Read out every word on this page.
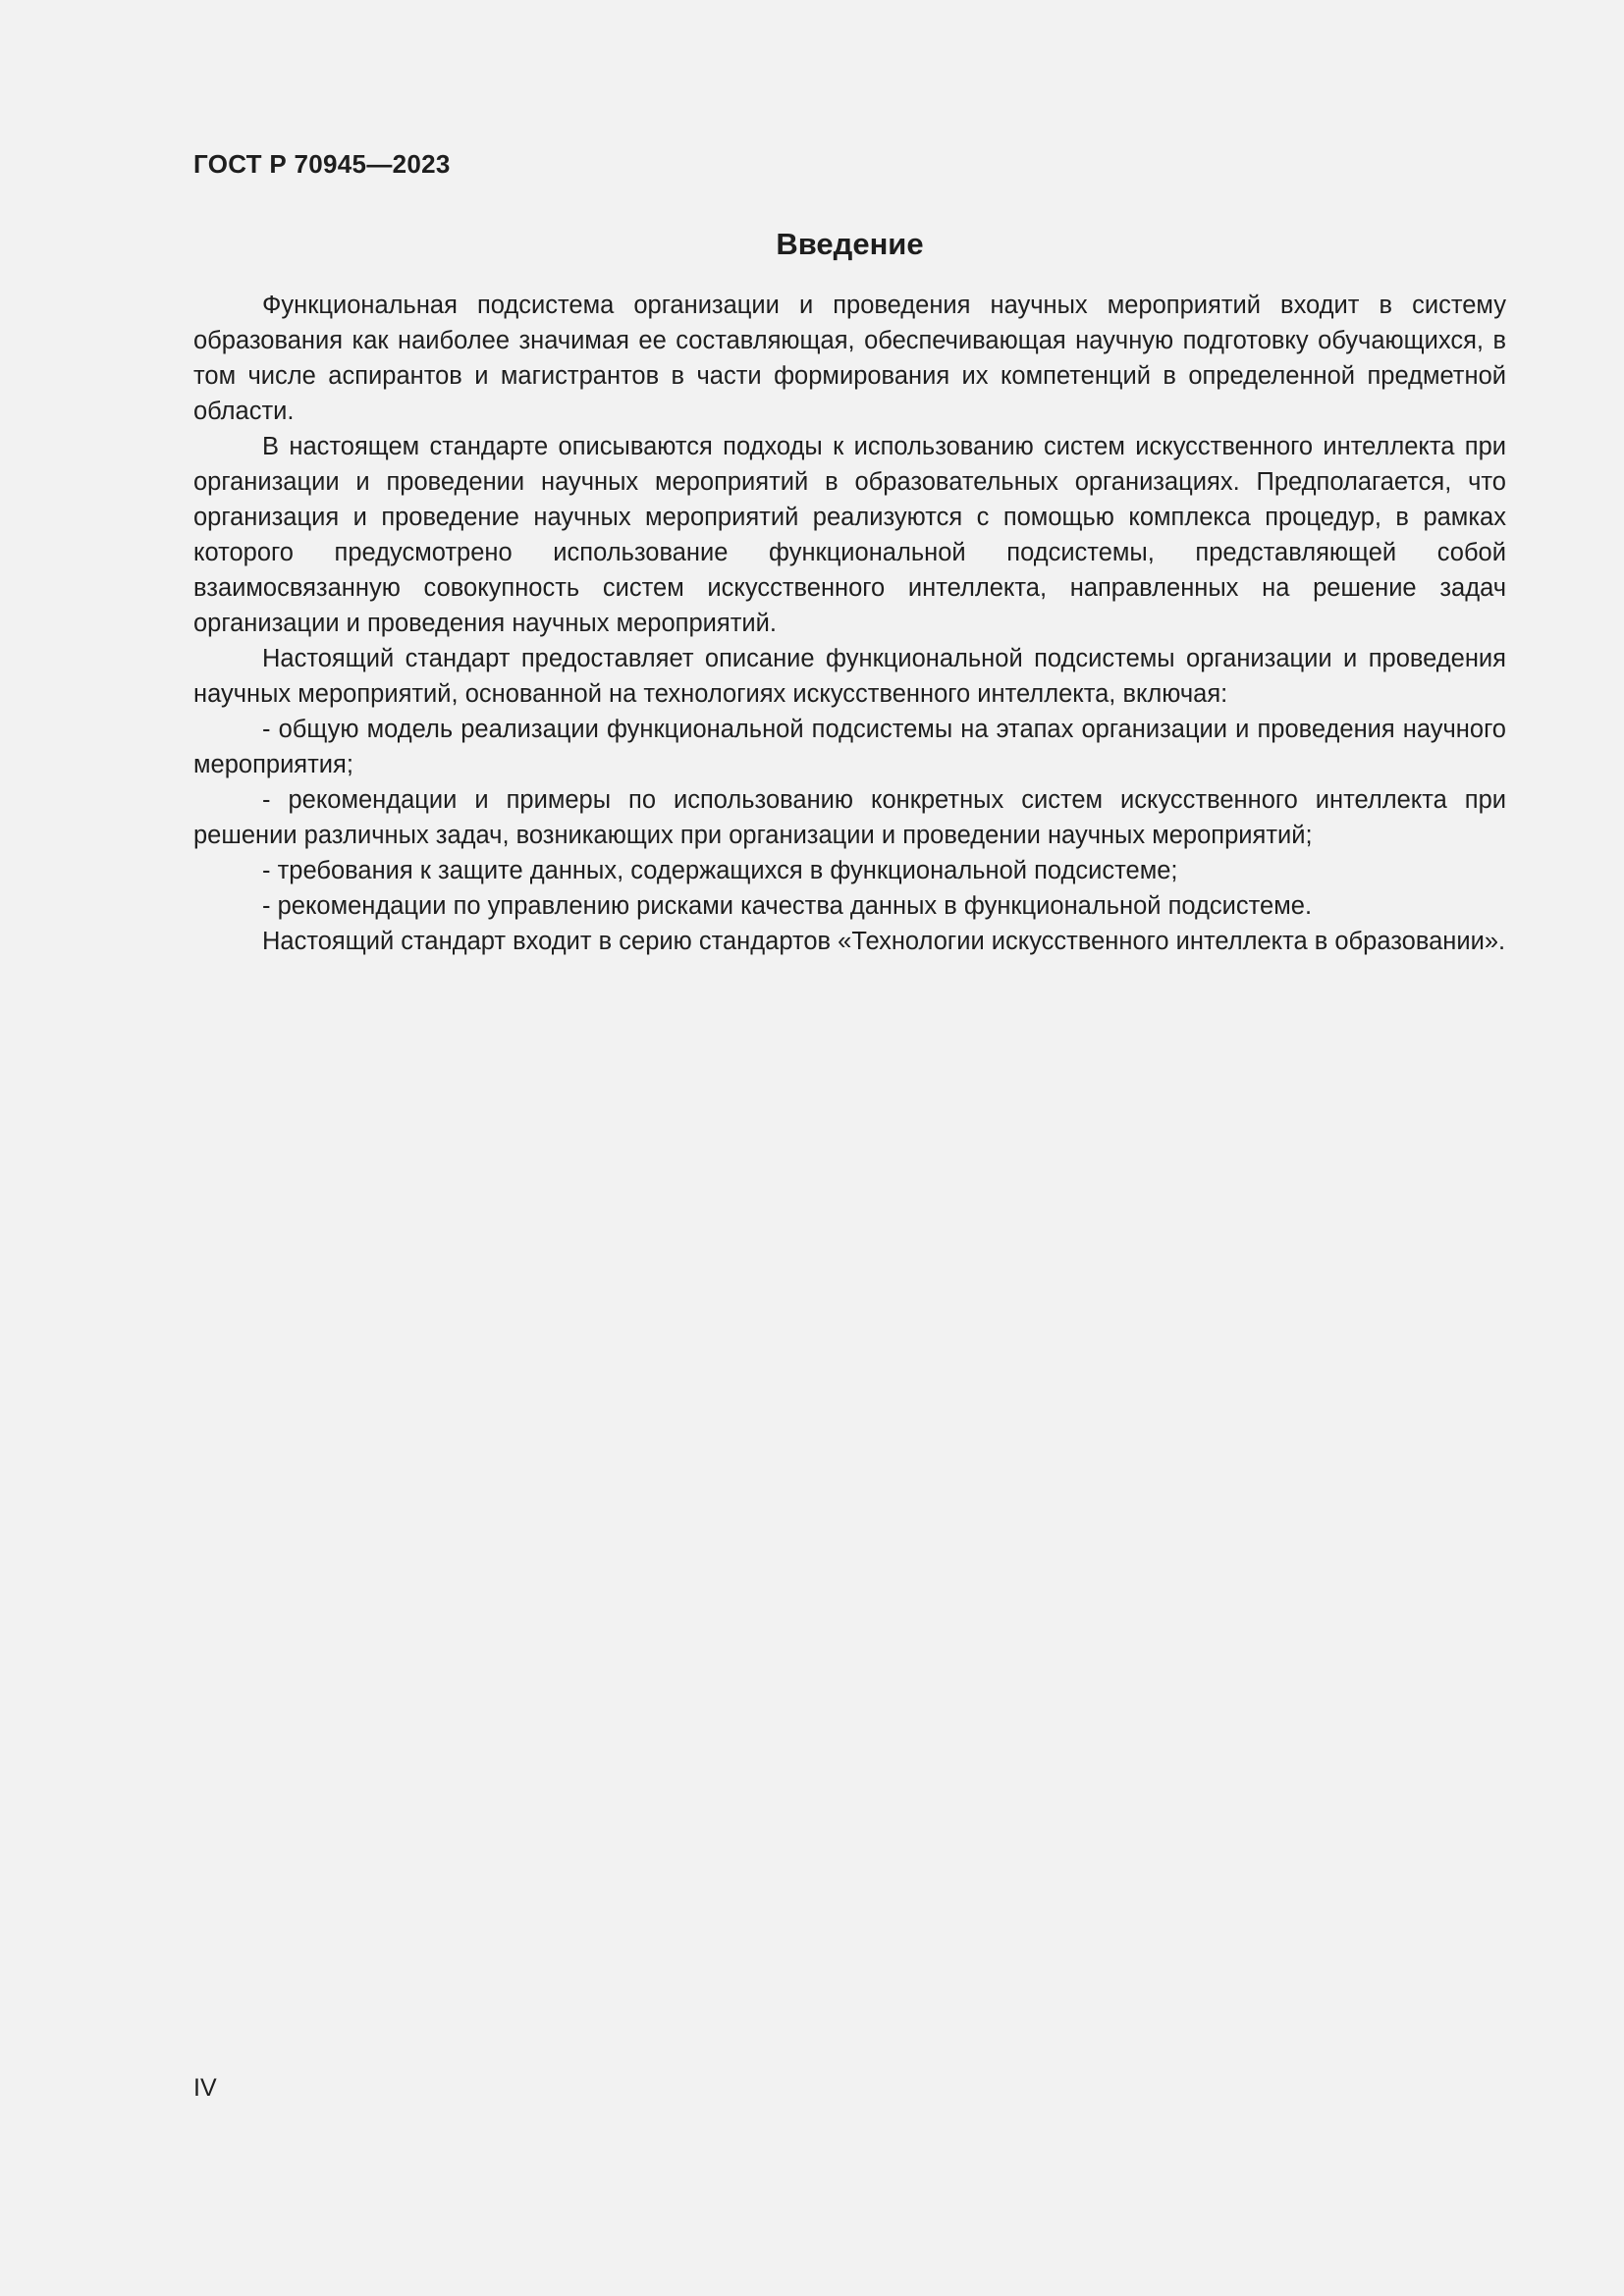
ГОСТ Р 70945—2023
Введение

Функциональная подсистема организации и проведения научных мероприятий входит в систему образования как наиболее значимая ее составляющая, обеспечивающая научную подготовку обучающихся, в том числе аспирантов и магистрантов в части формирования их компетенций в определенной предметной области.

В настоящем стандарте описываются подходы к использованию систем искусственного интеллекта при организации и проведении научных мероприятий в образовательных организациях. Предполагается, что организация и проведение научных мероприятий реализуются с помощью комплекса процедур, в рамках которого предусмотрено использование функциональной подсистемы, представляющей собой взаимосвязанную совокупность систем искусственного интеллекта, направленных на решение задач организации и проведения научных мероприятий.

Настоящий стандарт предоставляет описание функциональной подсистемы организации и проведения научных мероприятий, основанной на технологиях искусственного интеллекта, включая:

- общую модель реализации функциональной подсистемы на этапах организации и проведения научного мероприятия;

- рекомендации и примеры по использованию конкретных систем искусственного интеллекта при решении различных задач, возникающих при организации и проведении научных мероприятий;

- требования к защите данных, содержащихся в функциональной подсистеме;

- рекомендации по управлению рисками качества данных в функциональной подсистеме.

Настоящий стандарт входит в серию стандартов «Технологии искусственного интеллекта в образовании».

IV
